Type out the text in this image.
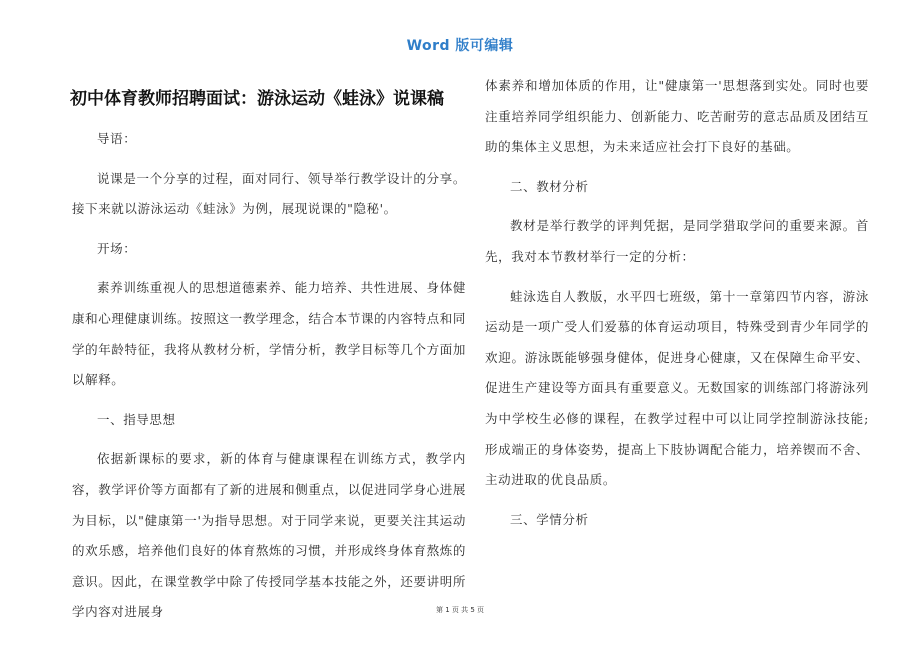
Word 版可编辑
初中体育教师招聘面试：游泳运动《蛙泳》说课稿

导语：

说课是一个分享的过程，面对同行、领导举行教学设计的分享。接下来就以游泳运动《蛙泳》为例，展现说课的"隐秘'。

开场：

素养训练重视人的思想道德素养、能力培养、共性进展、身体健康和心理健康训练。按照这一教学理念，结合本节课的内容特点和同学的年龄特征，我将从教材分析，学情分析，教学目标等几个方面加以解释。

一、指导思想

依据新课标的要求，新的体育与健康课程在训练方式，教学内容，教学评价等方面都有了新的进展和侧重点，以促进同学身心进展为目标，以"健康第一'为指导思想。对于同学来说，更要关注其运动的欢乐感，培养他们良好的体育熬炼的习惯，并形成终身体育熬炼的意识。因此，在课堂教学中除了传授同学基本技能之外，还要讲明所学内容对进展身

体素养和增加体质的作用，让"健康第一'思想落到实处。同时也要注重培养同学组织能力、创新能力、吃苦耐劳的意志品质及团结互助的集体主义思想，为未来适应社会打下良好的基础。

二、教材分析

教材是举行教学的评判凭据，是同学猎取学问的重要来源。首先，我对本节教材举行一定的分析：

蛙泳选自人教版，水平四七班级，第十一章第四节内容，游泳运动是一项广受人们爱慕的体育运动项目，特殊受到青少年同学的欢迎。游泳既能够强身健体，促进身心健康，又在保障生命平安、促进生产建设等方面具有重要意义。无数国家的训练部门将游泳列为中学校生必修的课程，在教学过程中可以让同学控制游泳技能;形成端正的身体姿势，提高上下肢协调配合能力，培养锲而不舍、主动进取的优良品质。

三、学情分析

第 1 页 共 5 页
